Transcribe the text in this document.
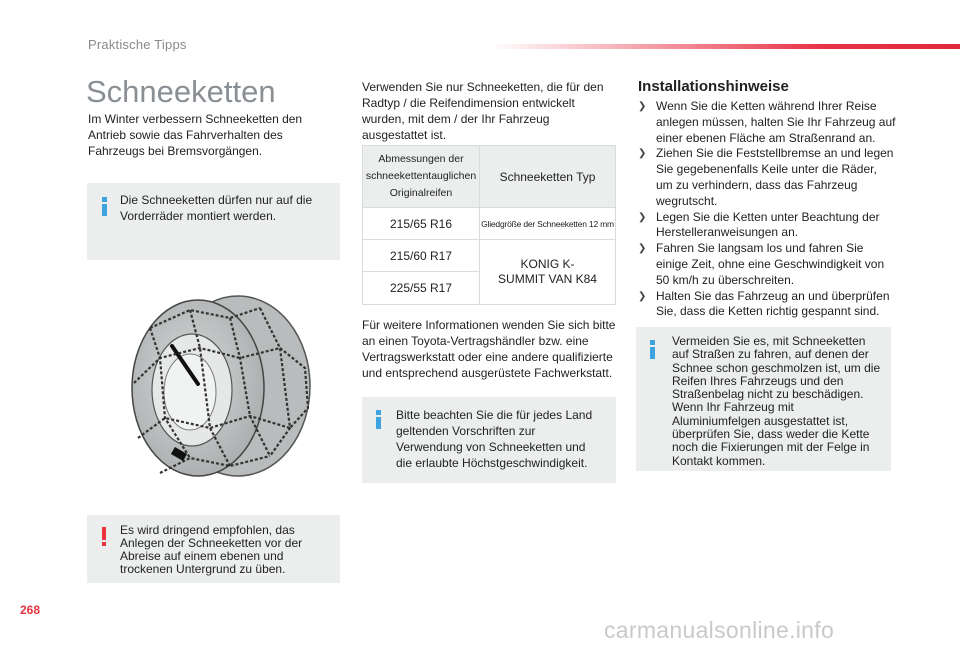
Praktische Tipps
Schneeketten
Im Winter verbessern Schneeketten den Antrieb sowie das Fahrverhalten des Fahrzeugs bei Bremsvorgängen.
Die Schneeketten dürfen nur auf die Vorderräder montiert werden.
Es wird dringend empfohlen, das Anlegen der Schneeketten vor der Abreise auf einem ebenen und trockenen Untergrund zu üben.
Verwenden Sie nur Schneeketten, die für den Radtyp / die Reifendimension entwickelt wurden, mit dem / der Ihr Fahrzeug ausgestattet ist.
Abmessungen der schneekettentauglichen Originalreifen	Schneeketten Typ
215/65 R16	Gliedgröße der Schneeketten 12 mm
215/60 R17	KONIG K-SUMMIT VAN K84
225/55 R17	
Für weitere Informationen wenden Sie sich bitte an einen Toyota-Vertragshändler bzw. eine Vertragswerkstatt oder eine andere qualifizierte und entsprechend ausgerüstete Fachwerkstatt.
Bitte beachten Sie die für jedes Land geltenden Vorschriften zur Verwendung von Schneeketten und die erlaubte Höchstgeschwindigkeit.
Installationshinweise
❯ Wenn Sie die Ketten während Ihrer Reise anlegen müssen, halten Sie Ihr Fahrzeug auf einer ebenen Fläche am Straßenrand an.
❯ Ziehen Sie die Feststellbremse an und legen Sie gegebenenfalls Keile unter die Räder, um zu verhindern, dass das Fahrzeug wegrutscht.
❯ Legen Sie die Ketten unter Beachtung der Herstelleranweisungen an.
❯ Fahren Sie langsam los und fahren Sie einige Zeit, ohne eine Geschwindigkeit von 50 km/h zu überschreiten.
❯ Halten Sie das Fahrzeug an und überprüfen Sie, dass die Ketten richtig gespannt sind.
Vermeiden Sie es, mit Schneeketten auf Straßen zu fahren, auf denen der Schnee schon geschmolzen ist, um die Reifen Ihres Fahrzeugs und den Straßenbelag nicht zu beschädigen. Wenn Ihr Fahrzeug mit Aluminiumfelgen ausgestattet ist, überprüfen Sie, dass weder die Kette noch die Fixierungen mit der Felge in Kontakt kommen.
268
carmanualsonline.info
